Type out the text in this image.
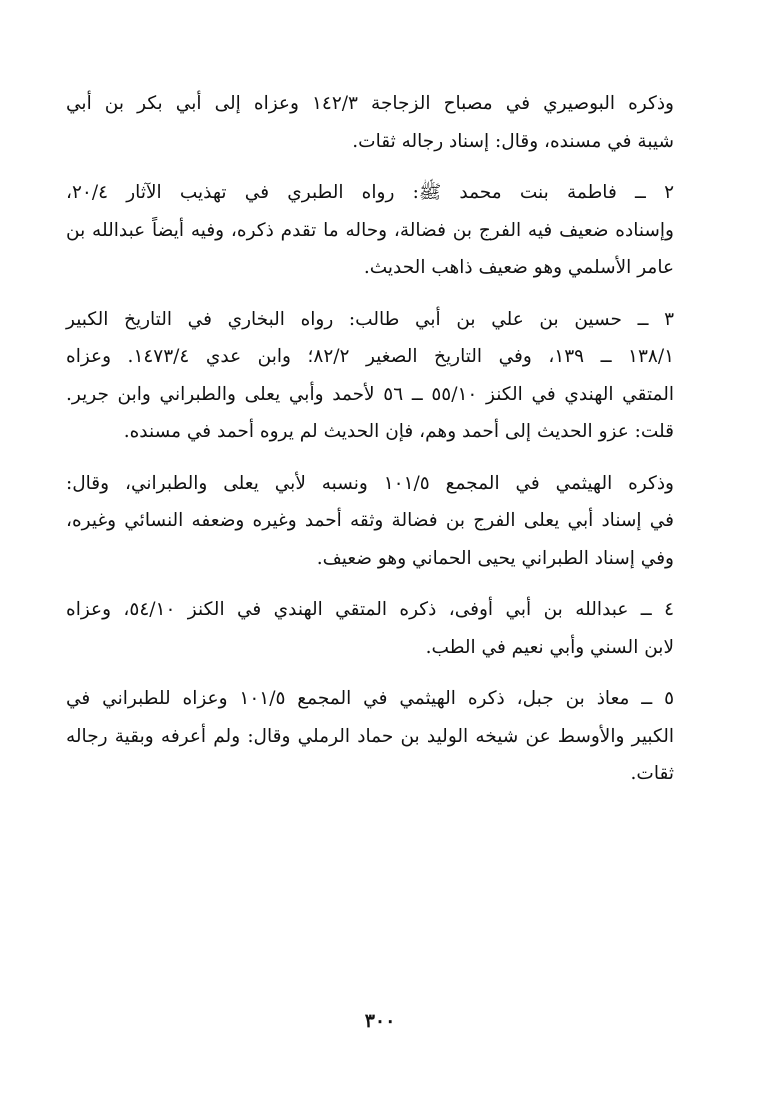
وذكره البوصيري في مصباح الزجاجة ١٤٢/٣ وعزاه إلى أبي بكر بن أبي
شيبة في مسنده، وقال: إسناد رجاله ثقات.

٢ ــ فاطمة بنت محمد ﷺ: رواه الطبري في تهذيب الآثار ٢٠/٤،
وإسناده ضعيف فيه الفرج بن فضالة، وحاله ما تقدم ذكره، وفيه أيضاً عبدالله بن
عامر الأسلمي وهو ضعيف ذاهب الحديث.

٣ ــ حسين بن علي بن أبي طالب: رواه البخاري في التاريخ الكبير
١٣٨/١ ــ ١٣٩، وفي التاريخ الصغير ٨٢/٢؛ وابن عدي ١٤٧٣/٤. وعزاه
المتقي الهندي في الكنز ٥٥/١٠ ــ ٥٦ لأحمد وأبي يعلى والطبراني وابن جرير.
قلت: عزو الحديث إلى أحمد وهم، فإن الحديث لم يروه أحمد في مسنده.

وذكره الهيثمي في المجمع ١٠١/٥ ونسبه لأبي يعلى والطبراني، وقال:
في إسناد أبي يعلى الفرج بن فضالة وثقه أحمد وغيره وضعفه النسائي وغيره،
وفي إسناد الطبراني يحيى الحماني وهو ضعيف.

٤ ــ عبدالله بن أبي أوفى، ذكره المتقي الهندي في الكنز ٥٤/١٠، وعزاه
لابن السني وأبي نعيم في الطب.

٥ ــ معاذ بن جبل، ذكره الهيثمي في المجمع ١٠١/٥ وعزاه للطبراني في
الكبير والأوسط عن شيخه الوليد بن حماد الرملي وقال: ولم أعرفه وبقية رجاله
ثقات.

٣٠٠
